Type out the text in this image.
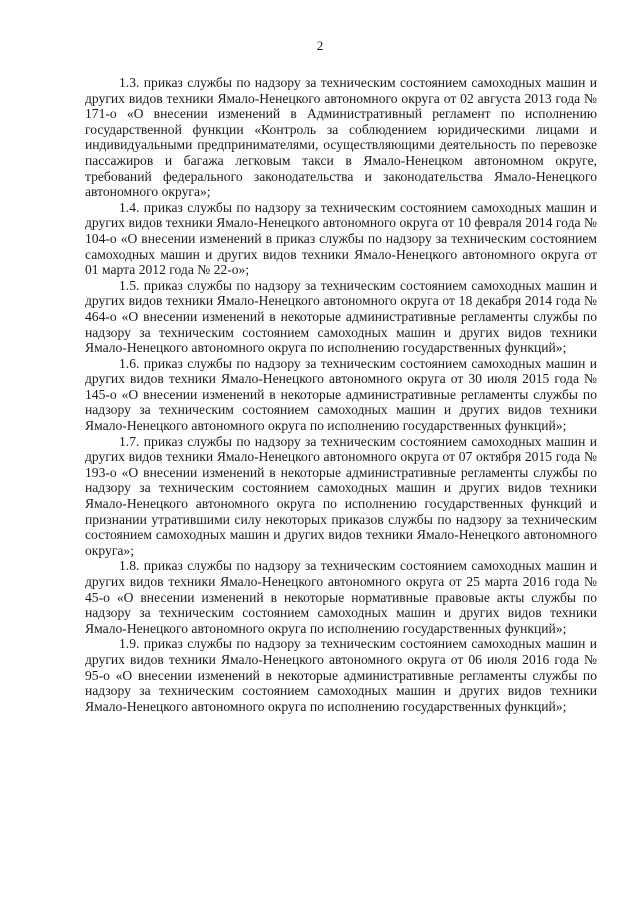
2

1.3. приказ службы по надзору за техническим состоянием самоходных машин и других видов техники Ямало-Ненецкого автономного округа от 02 августа 2013 года № 171-о «О внесении изменений в Административный регламент по исполнению государственной функции «Контроль за соблюдением юридическими лицами и индивидуальными предпринимателями, осуществляющими деятельность по перевозке пассажиров и багажа легковым такси в Ямало-Ненецком автономном округе, требований федерального законодательства и законодательства Ямало-Ненецкого автономного округа»;

1.4. приказ службы по надзору за техническим состоянием самоходных машин и других видов техники Ямало-Ненецкого автономного округа от 10 февраля 2014 года № 104-о «О внесении изменений в приказ службы по надзору за техническим состоянием самоходных машин и других видов техники Ямало-Ненецкого автономного округа от 01 марта 2012 года № 22-о»;

1.5. приказ службы по надзору за техническим состоянием самоходных машин и других видов техники Ямало-Ненецкого автономного округа от 18 декабря 2014 года № 464-о «О внесении изменений в некоторые административные регламенты службы по надзору за техническим состоянием самоходных машин и других видов техники Ямало-Ненецкого автономного округа по исполнению государственных функций»;

1.6. приказ службы по надзору за техническим состоянием самоходных машин и других видов техники Ямало-Ненецкого автономного округа от 30 июля 2015 года № 145-о «О внесении изменений в некоторые административные регламенты службы по надзору за техническим состоянием самоходных машин и других видов техники Ямало-Ненецкого автономного округа по исполнению государственных функций»;

1.7. приказ службы по надзору за техническим состоянием самоходных машин и других видов техники Ямало-Ненецкого автономного округа от 07 октября 2015 года № 193-о «О внесении изменений в некоторые административные регламенты службы по надзору за техническим состоянием самоходных машин и других видов техники Ямало-Ненецкого автономного округа по исполнению государственных функций и признании утратившими силу некоторых приказов службы по надзору за техническим состоянием самоходных машин и других видов техники Ямало-Ненецкого автономного округа»;

1.8. приказ службы по надзору за техническим состоянием самоходных машин и других видов техники Ямало-Ненецкого автономного округа от 25 марта 2016 года № 45-о «О внесении изменений в некоторые нормативные правовые акты службы по надзору за техническим состоянием самоходных машин и других видов техники Ямало-Ненецкого автономного округа по исполнению государственных функций»;

1.9. приказ службы по надзору за техническим состоянием самоходных машин и других видов техники Ямало-Ненецкого автономного округа от 06 июля 2016 года № 95-о «О внесении изменений в некоторые административные регламенты службы по надзору за техническим состоянием самоходных машин и других видов техники Ямало-Ненецкого автономного округа по исполнению государственных функций»;
